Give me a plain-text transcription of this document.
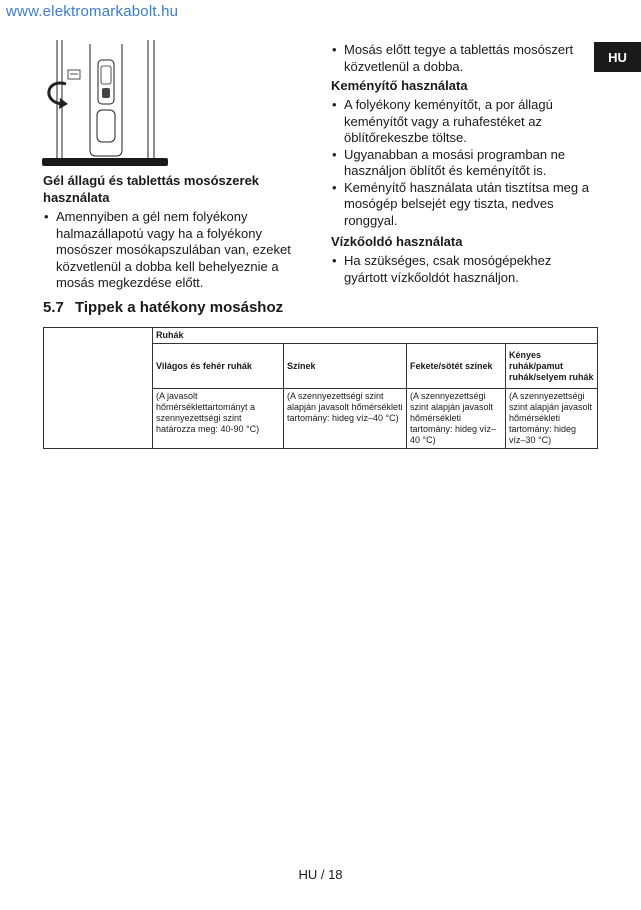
www.elektromarkabolt.hu
HU
Gél állagú és tablettás mosószerek használata
• Amennyiben a gél nem folyékony halmazállapotú vagy ha a folyékony mosószer mosókapszulában van, ezeket közvetlenül a dobba kell behelyeznie a mosás megkezdése előtt.
• Mosás előtt tegye a tablettás mosószert közvetlenül a dobba.
Keményítő használata
• A folyékony keményítőt, a por állagú keményítőt vagy a ruhafestéket az öblítőrekeszbe töltse.
• Ugyanabban a mosási programban ne használjon öblítőt és keményítőt is.
• Keményítő használata után tisztítsa meg a mosógép belsejét egy tiszta, nedves ronggyal.
Vízkőoldó használata
• Ha szükséges, csak mosógépekhez gyártott vízkőoldót használjon.
5.7 Tippek a hatékony mosáshoz
	Ruhák			
	Világos és fehér ruhák	Színek	Fekete/sötét színek	Kényes ruhák/pamut ruhák/selyem ruhák
	(A javasolt hőmérséklettartományt a szennyezettségi szint határozza meg: 40-90 °C)	(A szennyezettségi szint alapján javasolt hőmérsékleti tartomány: hideg víz–40 °C)	(A szennyezettségi szint alapján javasolt hőmérsékleti tartomány: hideg víz–40 °C)	(A szennyezettségi szint alapján javasolt hőmérsékleti tartomány: hideg víz–30 °C)
HU / 18
